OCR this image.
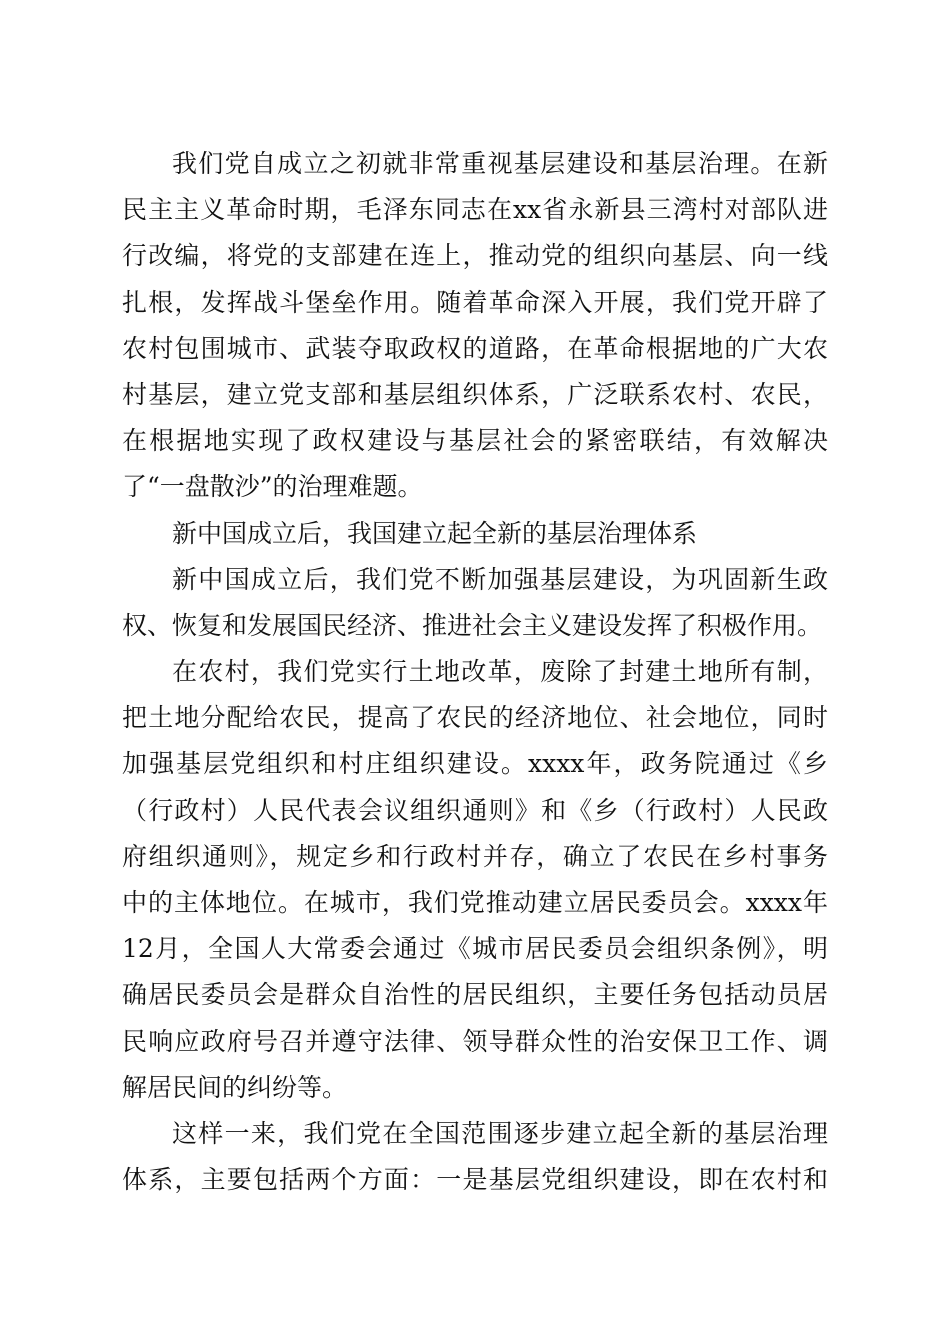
我们党自成立之初就非常重视基层建设和基层治理。在新
民主主义革命时期，毛泽东同志在xx省永新县三湾村对部队进
行改编，将党的支部建在连上，推动党的组织向基层、向一线
扎根，发挥战斗堡垒作用。随着革命深入开展，我们党开辟了
农村包围城市、武装夺取政权的道路，在革命根据地的广大农
村基层，建立党支部和基层组织体系，广泛联系农村、农民，
在根据地实现了政权建设与基层社会的紧密联结，有效解决
了“一盘散沙”的治理难题。

新中国成立后，我国建立起全新的基层治理体系

新中国成立后，我们党不断加强基层建设，为巩固新生政
权、恢复和发展国民经济、推进社会主义建设发挥了积极作用。

在农村，我们党实行土地改革，废除了封建土地所有制，
把土地分配给农民，提高了农民的经济地位、社会地位，同时
加强基层党组织和村庄组织建设。xxxx年，政务院通过《乡
（行政村）人民代表会议组织通则》和《乡（行政村）人民政
府组织通则》，规定乡和行政村并存，确立了农民在乡村事务
中的主体地位。在城市，我们党推动建立居民委员会。xxxx年
12月，全国人大常委会通过《城市居民委员会组织条例》，明
确居民委员会是群众自治性的居民组织，主要任务包括动员居
民响应政府号召并遵守法律、领导群众性的治安保卫工作、调
解居民间的纠纷等。

这样一来，我们党在全国范围逐步建立起全新的基层治理
体系，主要包括两个方面：一是基层党组织建设，即在农村和
